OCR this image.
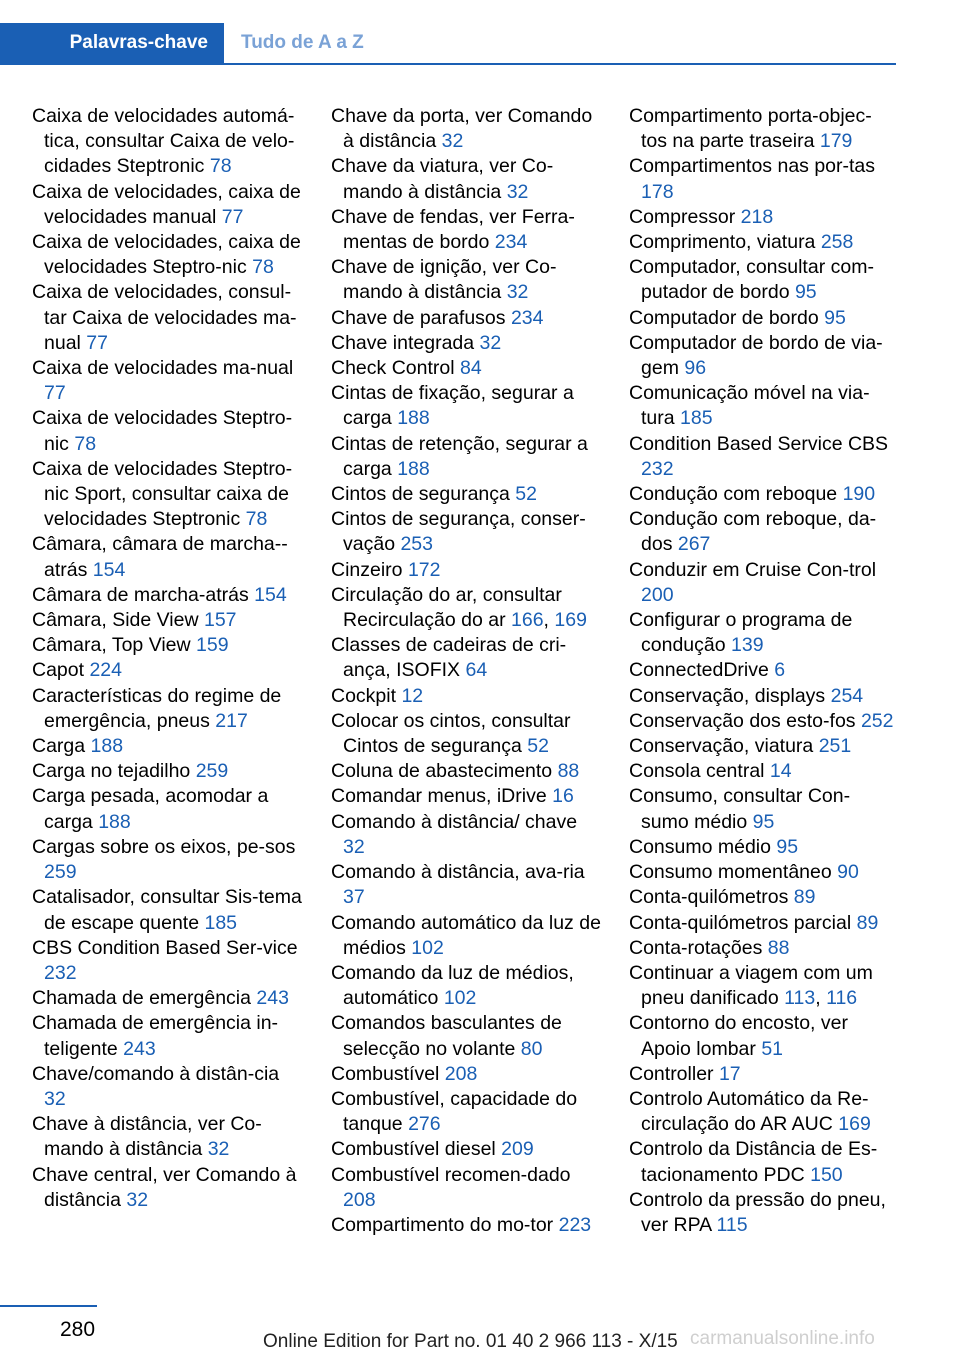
Palavras-chave	Tudo de A a Z
Caixa de velocidades automá-tica, consultar Caixa de velo-cidades Steptronic 78
Caixa de velocidades, caixa de velocidades manual 77
Caixa de velocidades, caixa de velocidades Steptro-nic 78
Caixa de velocidades, consul-tar Caixa de velocidades ma-nual 77
Caixa de velocidades ma-nual 77
Caixa de velocidades Steptro-nic 78
Caixa de velocidades Steptro-nic Sport, consultar caixa de velocidades Steptronic 78
Câmara, câmara de marcha--atrás 154
Câmara de marcha-atrás 154
Câmara, Side View 157
Câmara, Top View 159
Capot 224
Características do regime de emergência, pneus 217
Carga 188
Carga no tejadilho 259
Carga pesada, acomodar a carga 188
Cargas sobre os eixos, pe-sos 259
Catalisador, consultar Sis-tema de escape quente 185
CBS Condition Based Ser-vice 232
Chamada de emergência 243
Chamada de emergência in-teligente 243
Chave/comando à distân-cia 32
Chave à distância, ver Co-mando à distância 32
Chave central, ver Comando à distância 32
Chave da porta, ver Comando à distância 32
Chave da viatura, ver Co-mando à distância 32
Chave de fendas, ver Ferra-mentas de bordo 234
Chave de ignição, ver Co-mando à distância 32
Chave de parafusos 234
Chave integrada 32
Check Control 84
Cintas de fixação, segurar a carga 188
Cintas de retenção, segurar a carga 188
Cintos de segurança 52
Cintos de segurança, conser-vação 253
Cinzeiro 172
Circulação do ar, consultar Recirculação do ar 166, 169
Classes de cadeiras de cri-ança, ISOFIX 64
Cockpit 12
Colocar os cintos, consultar Cintos de segurança 52
Coluna de abastecimento 88
Comandar menus, iDrive 16
Comando à distância/ chave 32
Comando à distância, ava-ria 37
Comando automático da luz de médios 102
Comando da luz de médios, automático 102
Comandos basculantes de selecção no volante 80
Combustível 208
Combustível, capacidade do tanque 276
Combustível diesel 209
Combustível recomen-dado 208
Compartimento do mo-tor 223
Compartimento porta-objec-tos na parte traseira 179
Compartimentos nas por-tas 178
Compressor 218
Comprimento, viatura 258
Computador, consultar com-putador de bordo 95
Computador de bordo 95
Computador de bordo de via-gem 96
Comunicação móvel na via-tura 185
Condition Based Service CBS 232
Condução com reboque 190
Condução com reboque, da-dos 267
Conduzir em Cruise Con-trol 200
Configurar o programa de condução 139
ConnectedDrive 6
Conservação, displays 254
Conservação dos esto-fos 252
Conservação, viatura 251
Consola central 14
Consumo, consultar Con-sumo médio 95
Consumo médio 95
Consumo momentâneo 90
Conta-quilómetros 89
Conta-quilómetros parcial 89
Conta-rotações 88
Continuar a viagem com um pneu danificado 113, 116
Contorno do encosto, ver Apoio lombar 51
Controller 17
Controlo Automático da Re-circulação do AR AUC 169
Controlo da Distância de Es-tacionamento PDC 150
Controlo da pressão do pneu, ver RPA 115
280
Online Edition for Part no. 01 40 2 966 113 - X/15 carmanualsonline.info
